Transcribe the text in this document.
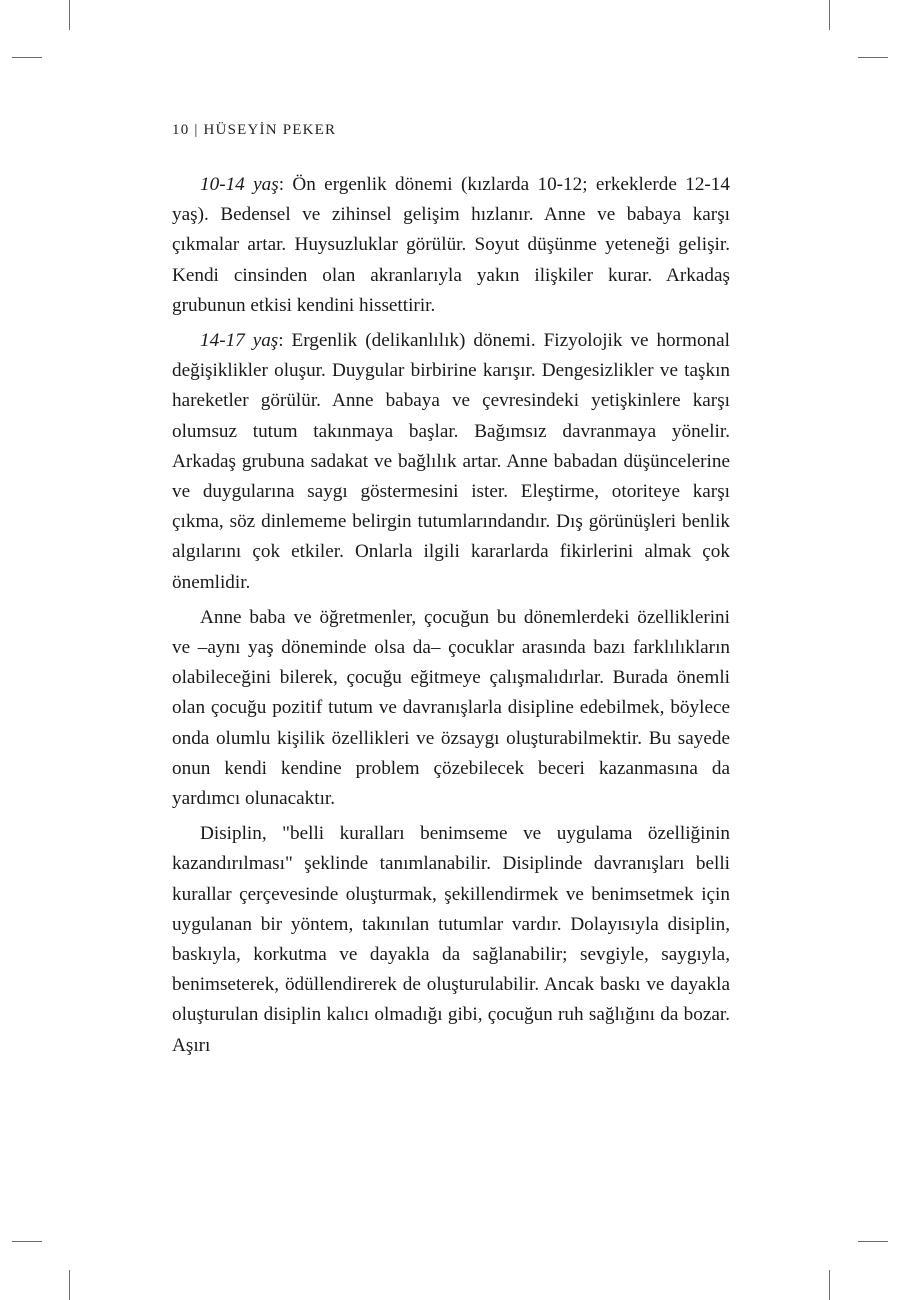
10 | HÜSEYİN PEKER

10-14 yaş: Ön ergenlik dönemi (kızlarda 10-12; erkeklerde 12-14 yaş). Bedensel ve zihinsel gelişim hızlanır. Anne ve babaya karşı çıkmalar artar. Huysuzluklar görülür. Soyut düşünme yeteneği gelişir. Kendi cinsinden olan akranlarıyla yakın ilişkiler kurar. Arkadaş grubunun etkisi kendini hissettirir.

14-17 yaş: Ergenlik (delikanlılık) dönemi. Fizyolojik ve hormonal değişiklikler oluşur. Duygular birbirine karışır. Dengesizlikler ve taşkın hareketler görülür. Anne babaya ve çevresindeki yetişkinlere karşı olumsuz tutum takınmaya başlar. Bağımsız davranmaya yönelir. Arkadaş grubuna sadakat ve bağlılık artar. Anne babadan düşüncelerine ve duygularına saygı göstermesini ister. Eleştirme, otoriteye karşı çıkma, söz dinlememe belirgin tutumlarındandır. Dış görünüşleri benlik algılarını çok etkiler. Onlarla ilgili kararlarda fikirlerini almak çok önemlidir.

Anne baba ve öğretmenler, çocuğun bu dönemlerdeki özelliklerini ve –aynı yaş döneminde olsa da– çocuklar arasında bazı farklılıkların olabileceğini bilerek, çocuğu eğitmeye çalışmalıdırlar. Burada önemli olan çocuğu pozitif tutum ve davranışlarla disipline edebilmek, böylece onda olumlu kişilik özellikleri ve özsaygı oluşturabilmektir. Bu sayede onun kendi kendine problem çözebilecek beceri kazanmasına da yardımcı olunacaktır.

Disiplin, "belli kuralları benimseme ve uygulama özelliğinin kazandırılması" şeklinde tanımlanabilir. Disiplinde davranışları belli kurallar çerçevesinde oluşturmak, şekillendirmek ve benimsetmek için uygulanan bir yöntem, takınılan tutumlar vardır. Dolayısıyla disiplin, baskıyla, korkutma ve dayakla da sağlanabilir; sevgiyle, saygıyla, benimseterek, ödüllendirerek de oluşturulabilir. Ancak baskı ve dayakla oluşturulan disiplin kalıcı olmadığı gibi, çocuğun ruh sağlığını da bozar. Aşırı
